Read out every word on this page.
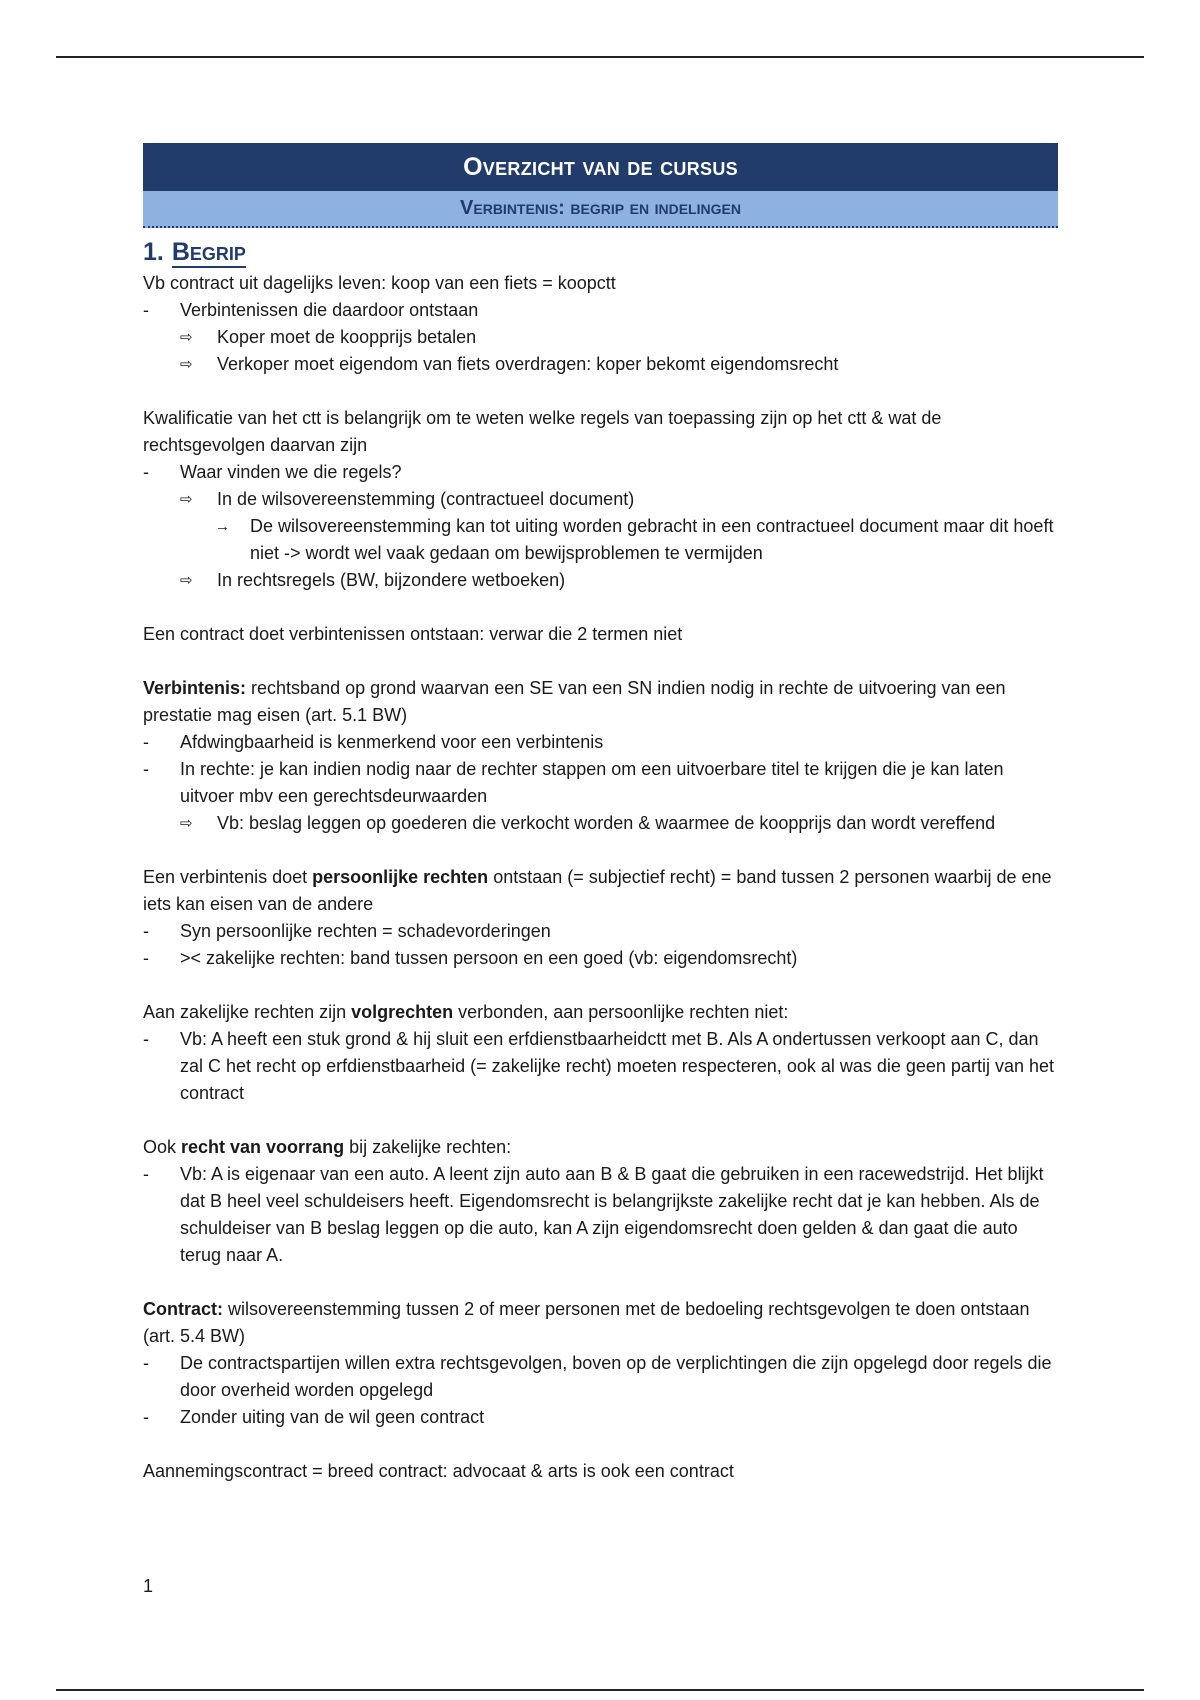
Overzicht van de cursus
Verbintenis: begrip en indelingen
1. Begrip

Vb contract uit dagelijks leven: koop van een fiets = koopctt

-	Verbintenissen die daardoor ontstaan
⇨	Koper moet de koopprijs betalen
⇨	Verkoper moet eigendom van fiets overdragen: koper bekomt eigendomsrecht

Kwalificatie van het ctt is belangrijk om te weten welke regels van toepassing zijn op het ctt & wat de rechtsgevolgen daarvan zijn

-	Waar vinden we die regels?
⇨	In de wilsovereenstemming (contractueel document)
→	De wilsovereenstemming kan tot uiting worden gebracht in een contractueel document maar dit hoeft niet -> wordt wel vaak gedaan om bewijsproblemen te vermijden
⇨	In rechtsregels (BW, bijzondere wetboeken)

Een contract doet verbintenissen ontstaan: verwar die 2 termen niet

Verbintenis: rechtsband op grond waarvan een SE van een SN indien nodig in rechte de uitvoering van een prestatie mag eisen (art. 5.1 BW)

-	Afdwingbaarheid is kenmerkend voor een verbintenis
-	In rechte: je kan indien nodig naar de rechter stappen om een uitvoerbare titel te krijgen die je kan laten uitvoer mbv een gerechtsdeurwaarden
⇨	Vb: beslag leggen op goederen die verkocht worden & waarmee de koopprijs dan wordt vereffend

Een verbintenis doet persoonlijke rechten ontstaan (= subjectief recht) = band tussen 2 personen waarbij de ene iets kan eisen van de andere

-	Syn persoonlijke rechten = schadevorderingen
-	>< zakelijke rechten: band tussen persoon en een goed (vb: eigendomsrecht)

Aan zakelijke rechten zijn volgrechten verbonden, aan persoonlijke rechten niet:

-	Vb: A heeft een stuk grond & hij sluit een erfdienstbaarheidctt met B. Als A ondertussen verkoopt aan C, dan zal C het recht op erfdienstbaarheid (= zakelijke recht) moeten respecteren, ook al was die geen partij van het contract

Ook recht van voorrang bij zakelijke rechten:

-	Vb: A is eigenaar van een auto. A leent zijn auto aan B & B gaat die gebruiken in een racewedstrijd. Het blijkt dat B heel veel schuldeisers heeft. Eigendomsrecht is belangrijkste zakelijke recht dat je kan hebben. Als de schuldeiser van B beslag leggen op die auto, kan A zijn eigendomsrecht doen gelden & dan gaat die auto terug naar A.

Contract: wilsovereenstemming tussen 2 of meer personen met de bedoeling rechtsgevolgen te doen ontstaan (art. 5.4 BW)

-	De contractspartijen willen extra rechtsgevolgen, boven op de verplichtingen die zijn opgelegd door regels die door overheid worden opgelegd
-	Zonder uiting van de wil geen contract

Aannemingscontract = breed contract: advocaat & arts is ook een contract

1
